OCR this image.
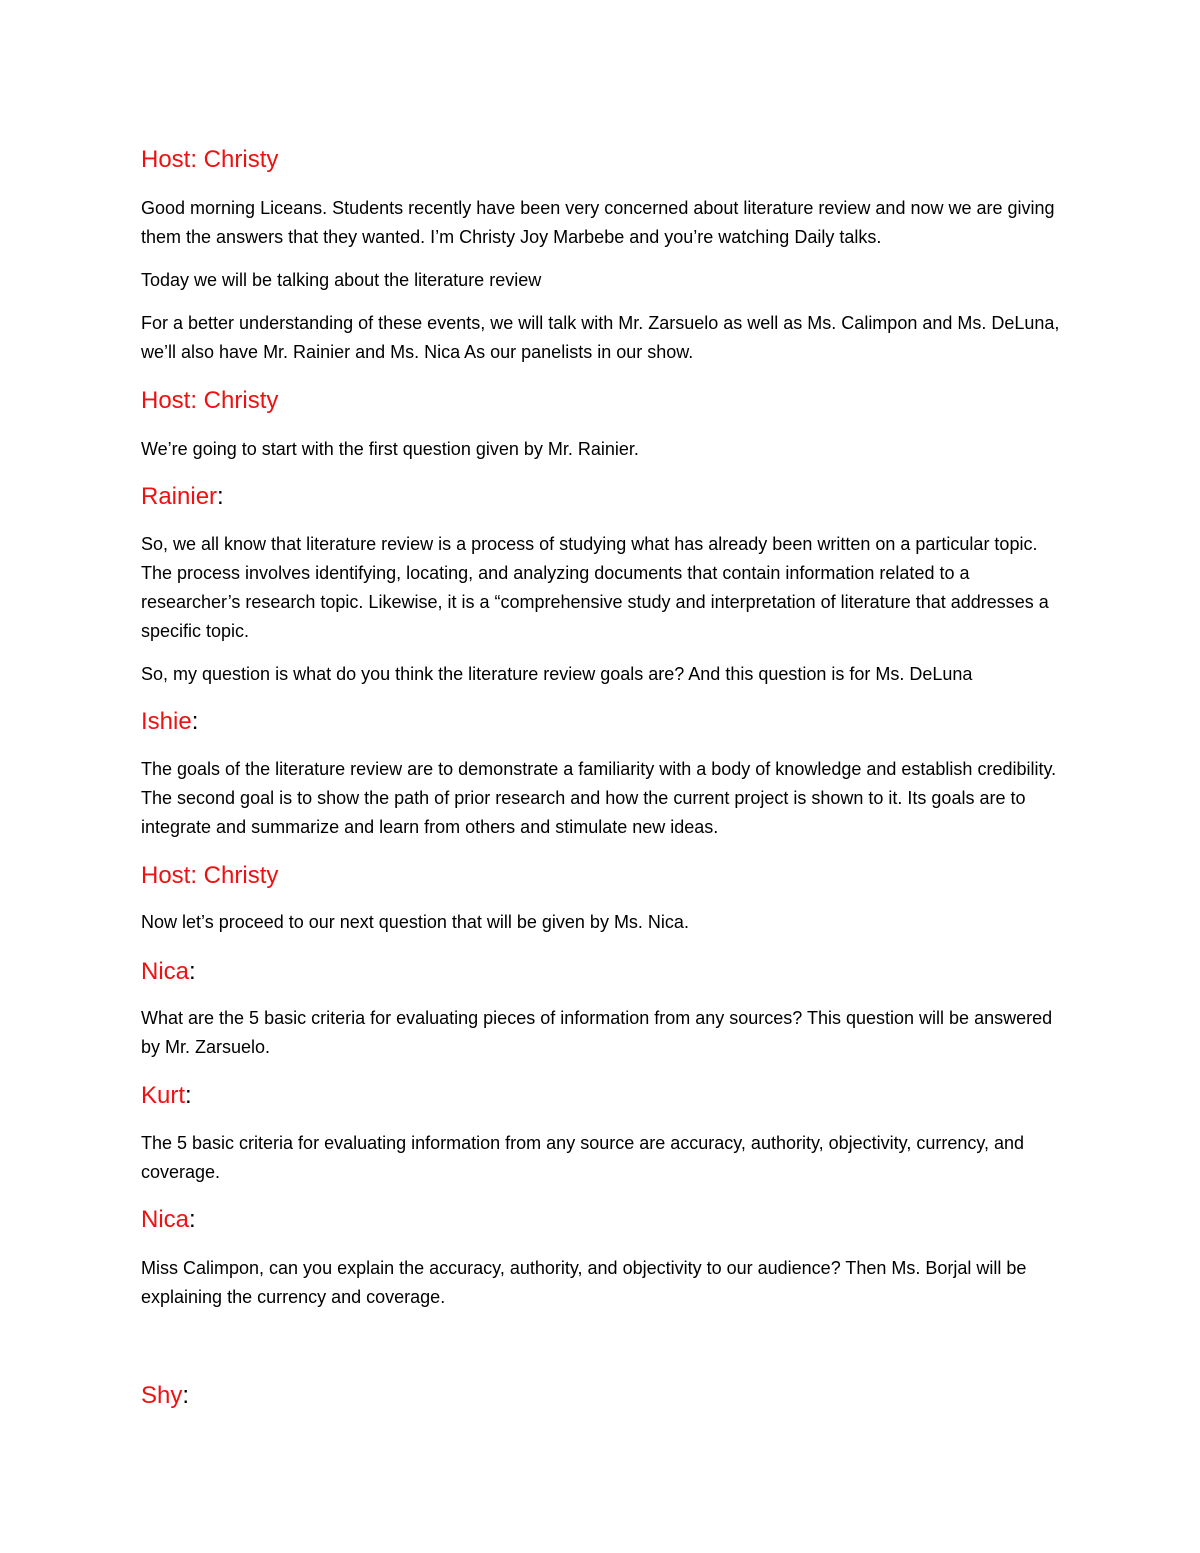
Host: Christy

Good morning Liceans. Students recently have been very concerned about literature review and now we are giving them the answers that they wanted. I’m Christy Joy Marbebe and you’re watching Daily talks.

Today we will be talking about the literature review

For a better understanding of these events, we will talk with Mr. Zarsuelo as well as Ms. Calimpon and Ms. DeLuna, we’ll also have Mr. Rainier and Ms. Nica As our panelists in our show.

Host: Christy

We’re going to start with the first question given by Mr. Rainier.

Rainier:

So, we all know that literature review is a process of studying what has already been written on a particular topic. The process involves identifying, locating, and analyzing documents that contain information related to a researcher’s research topic. Likewise, it is a “comprehensive study and interpretation of literature that addresses a specific topic.

So, my question is what do you think the literature review goals are? And this question is for Ms. DeLuna

Ishie:

The goals of the literature review are to demonstrate a familiarity with a body of knowledge and establish credibility. The second goal is to show the path of prior research and how the current project is shown to it. Its goals are to integrate and summarize and learn from others and stimulate new ideas.

Host: Christy

Now let’s proceed to our next question that will be given by Ms. Nica.

Nica:

What are the 5 basic criteria for evaluating pieces of information from any sources? This question will be answered by Mr. Zarsuelo.

Kurt:

The 5 basic criteria for evaluating information from any source are accuracy, authority, objectivity, currency, and coverage.

Nica:

Miss Calimpon, can you explain the accuracy, authority, and objectivity to our audience? Then Ms. Borjal will be explaining the currency and coverage.

Shy:
